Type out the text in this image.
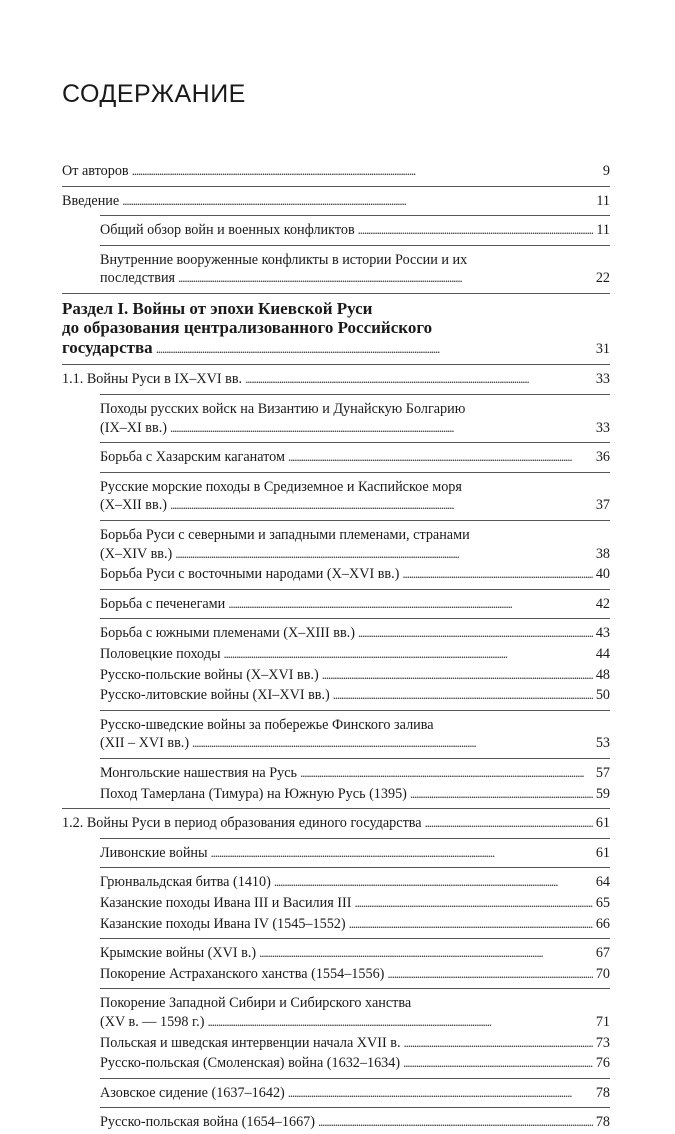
СОДЕРЖАНИЕ
От авторов . . .	9
Введение . . .	11
Общий обзор войн и военных конфликтов . . .	11
Внутренние вооруженные конфликты в истории России и их
последствия . . .	22
Раздел I. Войны от эпохи Киевской Руси
до образования централизованного Российского
государства . . .	31
1.1. Войны Руси в IX–XVI вв. . . .	33
Походы русских войск на Византию и Дунайскую Болгарию
(IX–XI вв.) . . .	33
Борьба с Хазарским каганатом . . .	36
Русские морские походы в Средиземное и Каспийское моря
(X–XII вв.) . . .	37
Борьба Руси с северными и западными племенами, странами
(X–XIV вв.) . . .	38
Борьба Руси с восточными народами (X–XVI вв.) . . .	40
Борьба с печенегами . . .	42
Борьба с южными племенами (X–XIII вв.) . . .	43
Половецкие походы . . .	44
Русско-польские войны (X–XVI вв.) . . .	48
Русско-литовские войны (XI–XVI вв.) . . .	50
Русско-шведские войны за побережье Финского залива
(XII – XVI вв.) . . .	53
Монгольские нашествия на Русь . . .	57
Поход Тамерлана (Тимура) на Южную Русь (1395) . . .	59
1.2. Войны Руси в период образования единого государства . . .	61
Ливонские войны . . .	61
Грюнвальдская битва (1410) . . .	64
Казанские походы Ивана III и Василия III . . .	65
Казанские походы Ивана IV (1545–1552) . . .	66
Крымские войны (XVI в.) . . .	67
Покорение Астраханского ханства (1554–1556) . . .	70
Покорение Западной Сибири и Сибирского ханства
(XV в. — 1598 г.) . . .	71
Польская и шведская интервенции начала XVII в. . . .	73
Русско-польская (Смоленская) война (1632–1634) . . .	76
Азовское сидение (1637–1642) . . .	78
Русско-польская война (1654–1667) . . .	78
